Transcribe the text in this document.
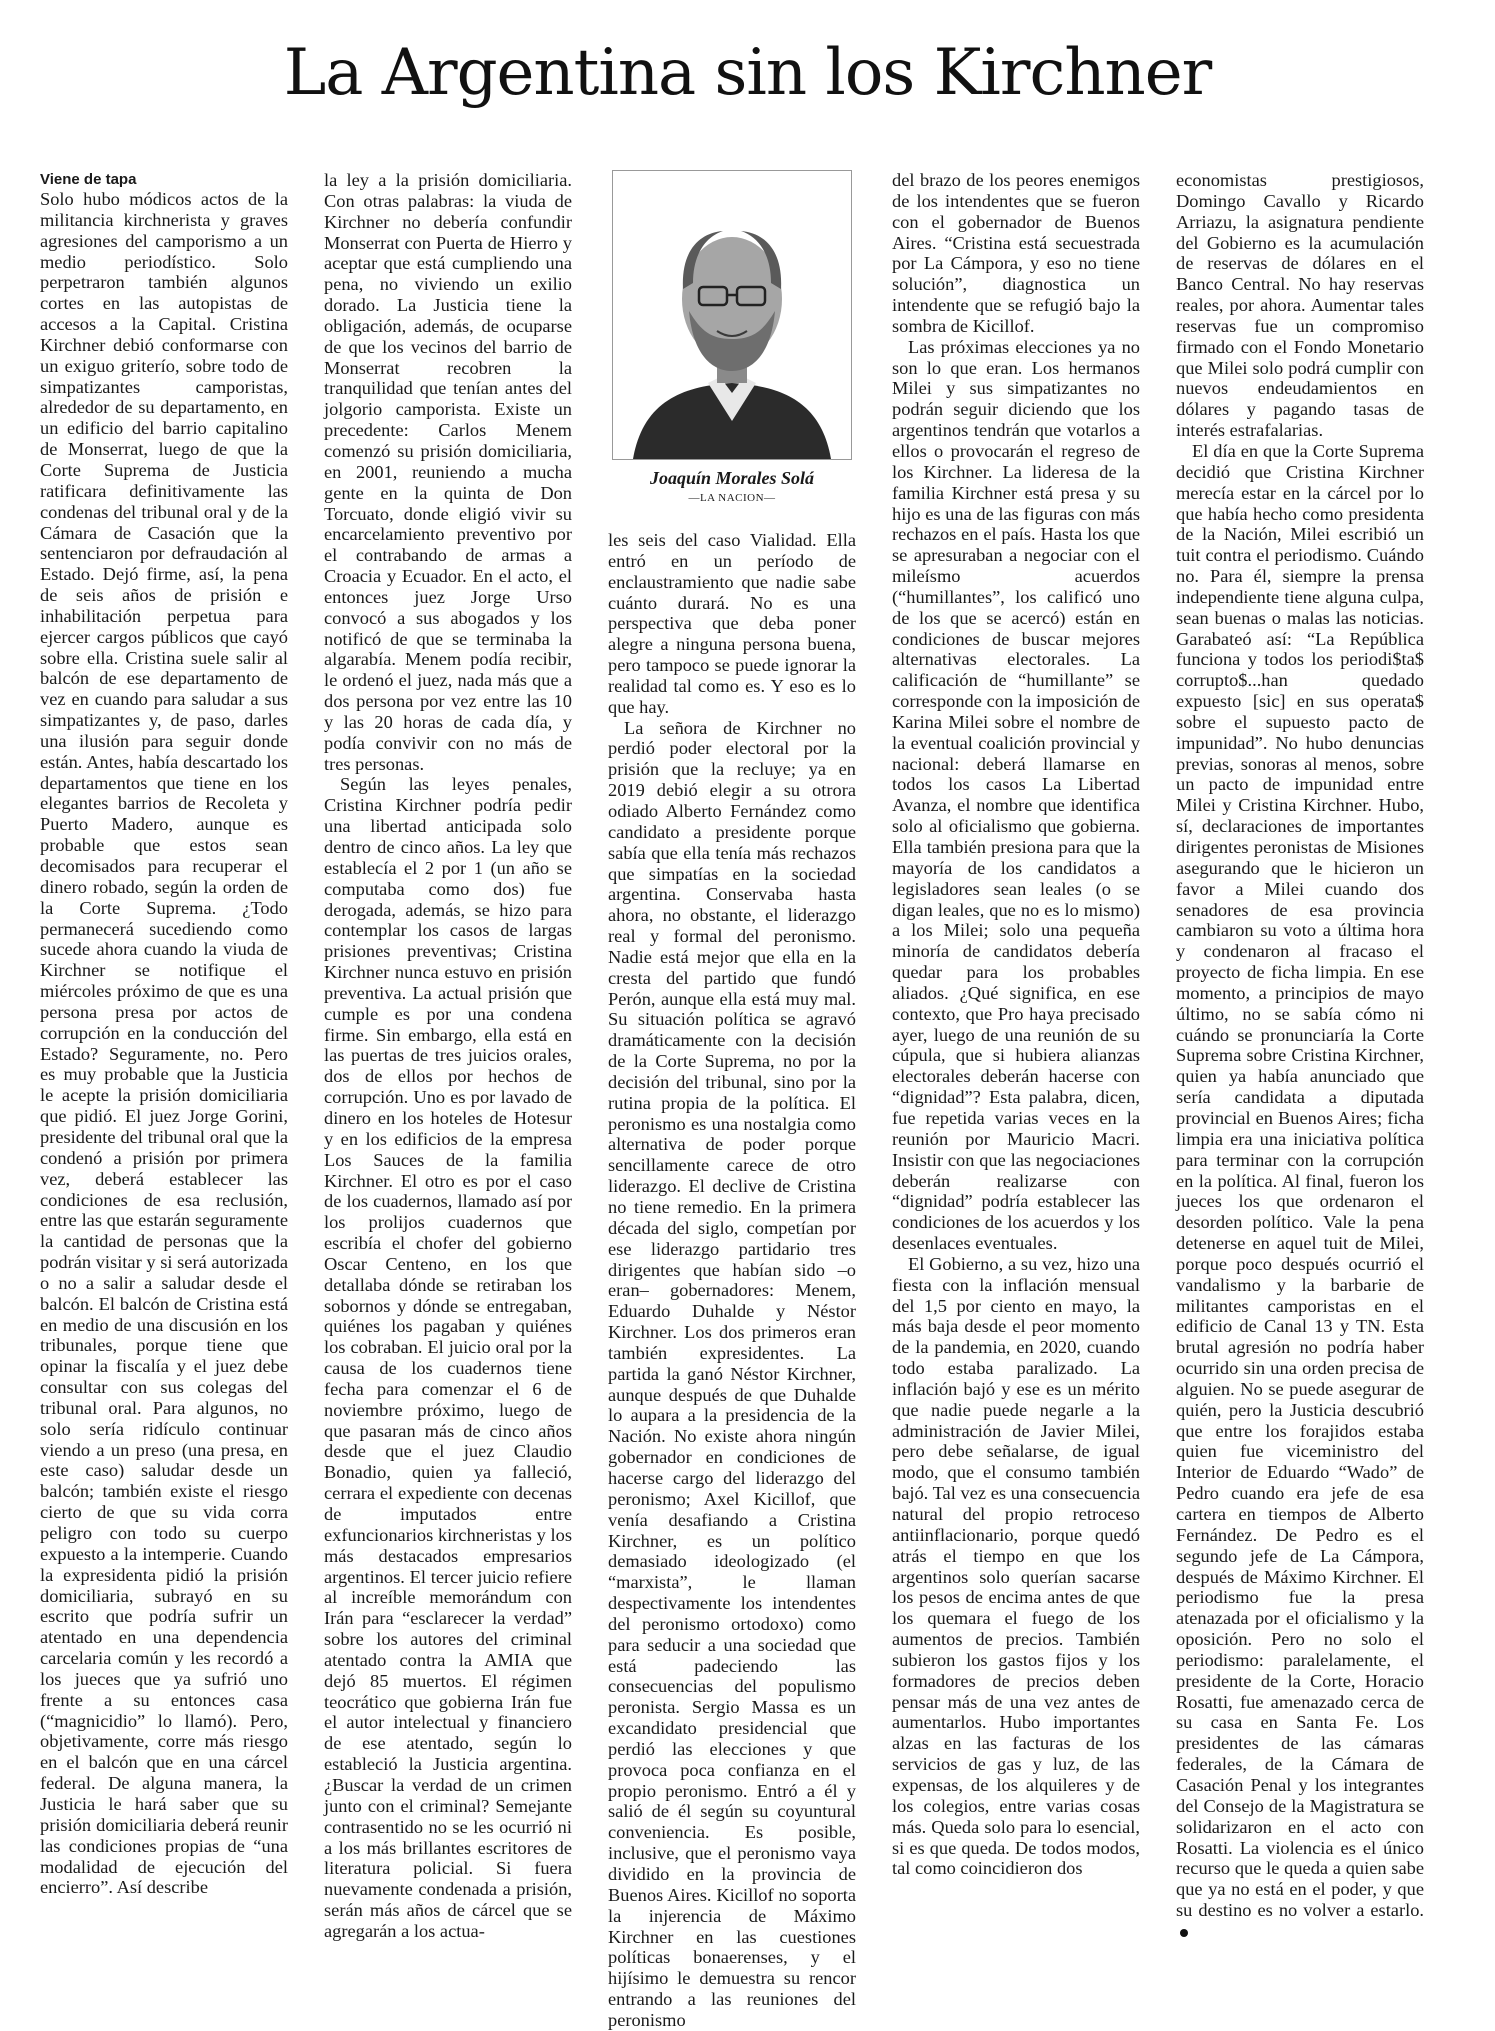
La Argentina sin los Kirchner
Viene de tapa

Solo hubo módicos actos de la militancia kirchnerista y graves agresiones del camporismo a un medio periodístico. Solo perpetraron también algunos cortes en las autopistas de accesos a la Capital. Cristina Kirchner debió conformarse con un exiguo griterío, sobre todo de simpatizantes camporistas, alrededor de su departamento, en un edificio del barrio capitalino de Monserrat, luego de que la Corte Suprema de Justicia ratificara definitivamente las condenas del tribunal oral y de la Cámara de Casación que la sentenciaron por defraudación al Estado. Dejó firme, así, la pena de seis años de prisión e inhabilitación perpetua para ejercer cargos públicos que cayó sobre ella. Cristina suele salir al balcón de ese departamento de vez en cuando para saludar a sus simpatizantes y, de paso, darles una ilusión para seguir donde están. Antes, había descartado los departamentos que tiene en los elegantes barrios de Recoleta y Puerto Madero, aunque es probable que estos sean decomisados para recuperar el dinero robado, según la orden de la Corte Suprema. ¿Todo permanecerá sucediendo como sucede ahora cuando la viuda de Kirchner se notifique el miércoles próximo de que es una persona presa por actos de corrupción en la conducción del Estado? Seguramente, no. Pero es muy probable que la Justicia le acepte la prisión domiciliaria que pidió. El juez Jorge Gorini, presidente del tribunal oral que la condenó a prisión por primera vez, deberá establecer las condiciones de esa reclusión, entre las que estarán seguramente la cantidad de personas que la podrán visitar y si será autorizada o no a salir a saludar desde el balcón. El balcón de Cristina está en medio de una discusión en los tribunales, porque tiene que opinar la fiscalía y el juez debe consultar con sus colegas del tribunal oral. Para algunos, no solo sería ridículo continuar viendo a un preso (una presa, en este caso) saludar desde un balcón; también existe el riesgo cierto de que su vida corra peligro con todo su cuerpo expuesto a la intemperie. Cuando la expresidenta pidió la prisión domiciliaria, subrayó en su escrito que podría sufrir un atentado en una dependencia carcelaria común y les recordó a los jueces que ya sufrió uno frente a su entonces casa (“magnicidio” lo llamó). Pero, objetivamente, corre más riesgo en el balcón que en una cárcel federal. De alguna manera, la Justicia le hará saber que su prisión domiciliaria deberá reunir las condiciones propias de “una modalidad de ejecución del encierro”. Así describe

la ley a la prisión domiciliaria. Con otras palabras: la viuda de Kirchner no debería confundir Monserrat con Puerta de Hierro y aceptar que está cumpliendo una pena, no viviendo un exilio dorado. La Justicia tiene la obligación, además, de ocuparse de que los vecinos del barrio de Monserrat recobren la tranquilidad que tenían antes del jolgorio camporista. Existe un precedente: Carlos Menem comenzó su prisión domiciliaria, en 2001, reuniendo a mucha gente en la quinta de Don Torcuato, donde eligió vivir su encarcelamiento preventivo por el contrabando de armas a Croacia y Ecuador. En el acto, el entonces juez Jorge Urso convocó a sus abogados y los notificó de que se terminaba la algarabía. Menem podía recibir, le ordenó el juez, nada más que a dos persona por vez entre las 10 y las 20 horas de cada día, y podía convivir con no más de tres personas.

Según las leyes penales, Cristina Kirchner podría pedir una libertad anticipada solo dentro de cinco años. La ley que establecía el 2 por 1 (un año se computaba como dos) fue derogada, además, se hizo para contemplar los casos de largas prisiones preventivas; Cristina Kirchner nunca estuvo en prisión preventiva. La actual prisión que cumple es por una condena firme. Sin embargo, ella está en las puertas de tres juicios orales, dos de ellos por hechos de corrupción. Uno es por lavado de dinero en los hoteles de Hotesur y en los edificios de la empresa Los Sauces de la familia Kirchner. El otro es por el caso de los cuadernos, llamado así por los prolijos cuadernos que escribía el chofer del gobierno Oscar Centeno, en los que detallaba dónde se retiraban los sobornos y dónde se entregaban, quiénes los pagaban y quiénes los cobraban. El juicio oral por la causa de los cuadernos tiene fecha para comenzar el 6 de noviembre próximo, luego de que pasaran más de cinco años desde que el juez Claudio Bonadio, quien ya falleció, cerrara el expediente con decenas de imputados entre exfuncionarios kirchneristas y los más destacados empresarios argentinos. El tercer juicio refiere al increíble memorándum con Irán para “esclarecer la verdad” sobre los autores del criminal atentado contra la AMIA que dejó 85 muertos. El régimen teocrático que gobierna Irán fue el autor intelectual y financiero de ese atentado, según lo estableció la Justicia argentina. ¿Buscar la verdad de un crimen junto con el criminal? Semejante contrasentido no se les ocurrió ni a los más brillantes escritores de literatura policial. Si fuera nuevamente condenada a prisión, serán más años de cárcel que se agregarán a los actua-

Joaquín Morales Solá
—LA NACION—

les seis del caso Vialidad. Ella entró en un período de enclaustramiento que nadie sabe cuánto durará. No es una perspectiva que deba poner alegre a ninguna persona buena, pero tampoco se puede ignorar la realidad tal como es. Y eso es lo que hay.

La señora de Kirchner no perdió poder electoral por la prisión que la recluye; ya en 2019 debió elegir a su otrora odiado Alberto Fernández como candidato a presidente porque sabía que ella tenía más rechazos que simpatías en la sociedad argentina. Conservaba hasta ahora, no obstante, el liderazgo real y formal del peronismo. Nadie está mejor que ella en la cresta del partido que fundó Perón, aunque ella está muy mal. Su situación política se agravó dramáticamente con la decisión de la Corte Suprema, no por la decisión del tribunal, sino por la rutina propia de la política. El peronismo es una nostalgia como alternativa de poder porque sencillamente carece de otro liderazgo. El declive de Cristina no tiene remedio. En la primera década del siglo, competían por ese liderazgo partidario tres dirigentes que habían sido –o eran– gobernadores: Menem, Eduardo Duhalde y Néstor Kirchner. Los dos primeros eran también expresidentes. La partida la ganó Néstor Kirchner, aunque después de que Duhalde lo aupara a la presidencia de la Nación. No existe ahora ningún gobernador en condiciones de hacerse cargo del liderazgo del peronismo; Axel Kicillof, que venía desafiando a Cristina Kirchner, es un político demasiado ideologizado (el “marxista”, le llaman despectivamente los intendentes del peronismo ortodoxo) como para seducir a una sociedad que está padeciendo las consecuencias del populismo peronista. Sergio Massa es un excandidato presidencial que perdió las elecciones y que provoca poca confianza en el propio peronismo. Entró a él y salió de él según su coyuntural conveniencia. Es posible, inclusive, que el peronismo vaya dividido en la provincia de Buenos Aires. Kicillof no soporta la injerencia de Máximo Kirchner en las cuestiones políticas bonaerenses, y el hijísimo le demuestra su rencor entrando a las reuniones del peronismo

del brazo de los peores enemigos de los intendentes que se fueron con el gobernador de Buenos Aires. “Cristina está secuestrada por La Cámpora, y eso no tiene solución”, diagnostica un intendente que se refugió bajo la sombra de Kicillof.

Las próximas elecciones ya no son lo que eran. Los hermanos Milei y sus simpatizantes no podrán seguir diciendo que los argentinos tendrán que votarlos a ellos o provocarán el regreso de los Kirchner. La lideresa de la familia Kirchner está presa y su hijo es una de las figuras con más rechazos en el país. Hasta los que se apresuraban a negociar con el mileísmo acuerdos (“humillantes”, los calificó uno de los que se acercó) están en condiciones de buscar mejores alternativas electorales. La calificación de “humillante” se corresponde con la imposición de Karina Milei sobre el nombre de la eventual coalición provincial y nacional: deberá llamarse en todos los casos La Libertad Avanza, el nombre que identifica solo al oficialismo que gobierna. Ella también presiona para que la mayoría de los candidatos a legisladores sean leales (o se digan leales, que no es lo mismo) a los Milei; solo una pequeña minoría de candidatos debería quedar para los probables aliados. ¿Qué significa, en ese contexto, que Pro haya precisado ayer, luego de una reunión de su cúpula, que si hubiera alianzas electorales deberán hacerse con “dignidad”? Esta palabra, dicen, fue repetida varias veces en la reunión por Mauricio Macri. Insistir con que las negociaciones deberán realizarse con “dignidad” podría establecer las condiciones de los acuerdos y los desenlaces eventuales.

El Gobierno, a su vez, hizo una fiesta con la inflación mensual del 1,5 por ciento en mayo, la más baja desde el peor momento de la pandemia, en 2020, cuando todo estaba paralizado. La inflación bajó y ese es un mérito que nadie puede negarle a la administración de Javier Milei, pero debe señalarse, de igual modo, que el consumo también bajó. Tal vez es una consecuencia natural del propio retroceso antiinflacionario, porque quedó atrás el tiempo en que los argentinos solo querían sacarse los pesos de encima antes de que los quemara el fuego de los aumentos de precios. También subieron los gastos fijos y los formadores de precios deben pensar más de una vez antes de aumentarlos. Hubo importantes alzas en las facturas de los servicios de gas y luz, de las expensas, de los alquileres y de los colegios, entre varias cosas más. Queda solo para lo esencial, si es que queda. De todos modos, tal como coincidieron dos

economistas prestigiosos, Domingo Cavallo y Ricardo Arriazu, la asignatura pendiente del Gobierno es la acumulación de reservas de dólares en el Banco Central. No hay reservas reales, por ahora. Aumentar tales reservas fue un compromiso firmado con el Fondo Monetario que Milei solo podrá cumplir con nuevos endeudamientos en dólares y pagando tasas de interés estrafalarias.

El día en que la Corte Suprema decidió que Cristina Kirchner merecía estar en la cárcel por lo que había hecho como presidenta de la Nación, Milei escribió un tuit contra el periodismo. Cuándo no. Para él, siempre la prensa independiente tiene alguna culpa, sean buenas o malas las noticias. Garabateó así: “La República funciona y todos los periodi$ta$ corrupto$...han quedado expuesto [sic] en sus operata$ sobre el supuesto pacto de impunidad”. No hubo denuncias previas, sonoras al menos, sobre un pacto de impunidad entre Milei y Cristina Kirchner. Hubo, sí, declaraciones de importantes dirigentes peronistas de Misiones asegurando que le hicieron un favor a Milei cuando dos senadores de esa provincia cambiaron su voto a última hora y condenaron al fracaso el proyecto de ficha limpia. En ese momento, a principios de mayo último, no se sabía cómo ni cuándo se pronunciaría la Corte Suprema sobre Cristina Kirchner, quien ya había anunciado que sería candidata a diputada provincial en Buenos Aires; ficha limpia era una iniciativa política para terminar con la corrupción en la política. Al final, fueron los jueces los que ordenaron el desorden político. Vale la pena detenerse en aquel tuit de Milei, porque poco después ocurrió el vandalismo y la barbarie de militantes camporistas en el edificio de Canal 13 y TN. Esta brutal agresión no podría haber ocurrido sin una orden precisa de alguien. No se puede asegurar de quién, pero la Justicia descubrió que entre los forajidos estaba quien fue viceministro del Interior de Eduardo “Wado” de Pedro cuando era jefe de esa cartera en tiempos de Alberto Fernández. De Pedro es el segundo jefe de La Cámpora, después de Máximo Kirchner. El periodismo fue la presa atenazada por el oficialismo y la oposición. Pero no solo el periodismo: paralelamente, el presidente de la Corte, Horacio Rosatti, fue amenazado cerca de su casa en Santa Fe. Los presidentes de las cámaras federales, de la Cámara de Casación Penal y los integrantes del Consejo de la Magistratura se solidarizaron en el acto con Rosatti. La violencia es el único recurso que le queda a quien sabe que ya no está en el poder, y que su destino es no volver a estarlo.
